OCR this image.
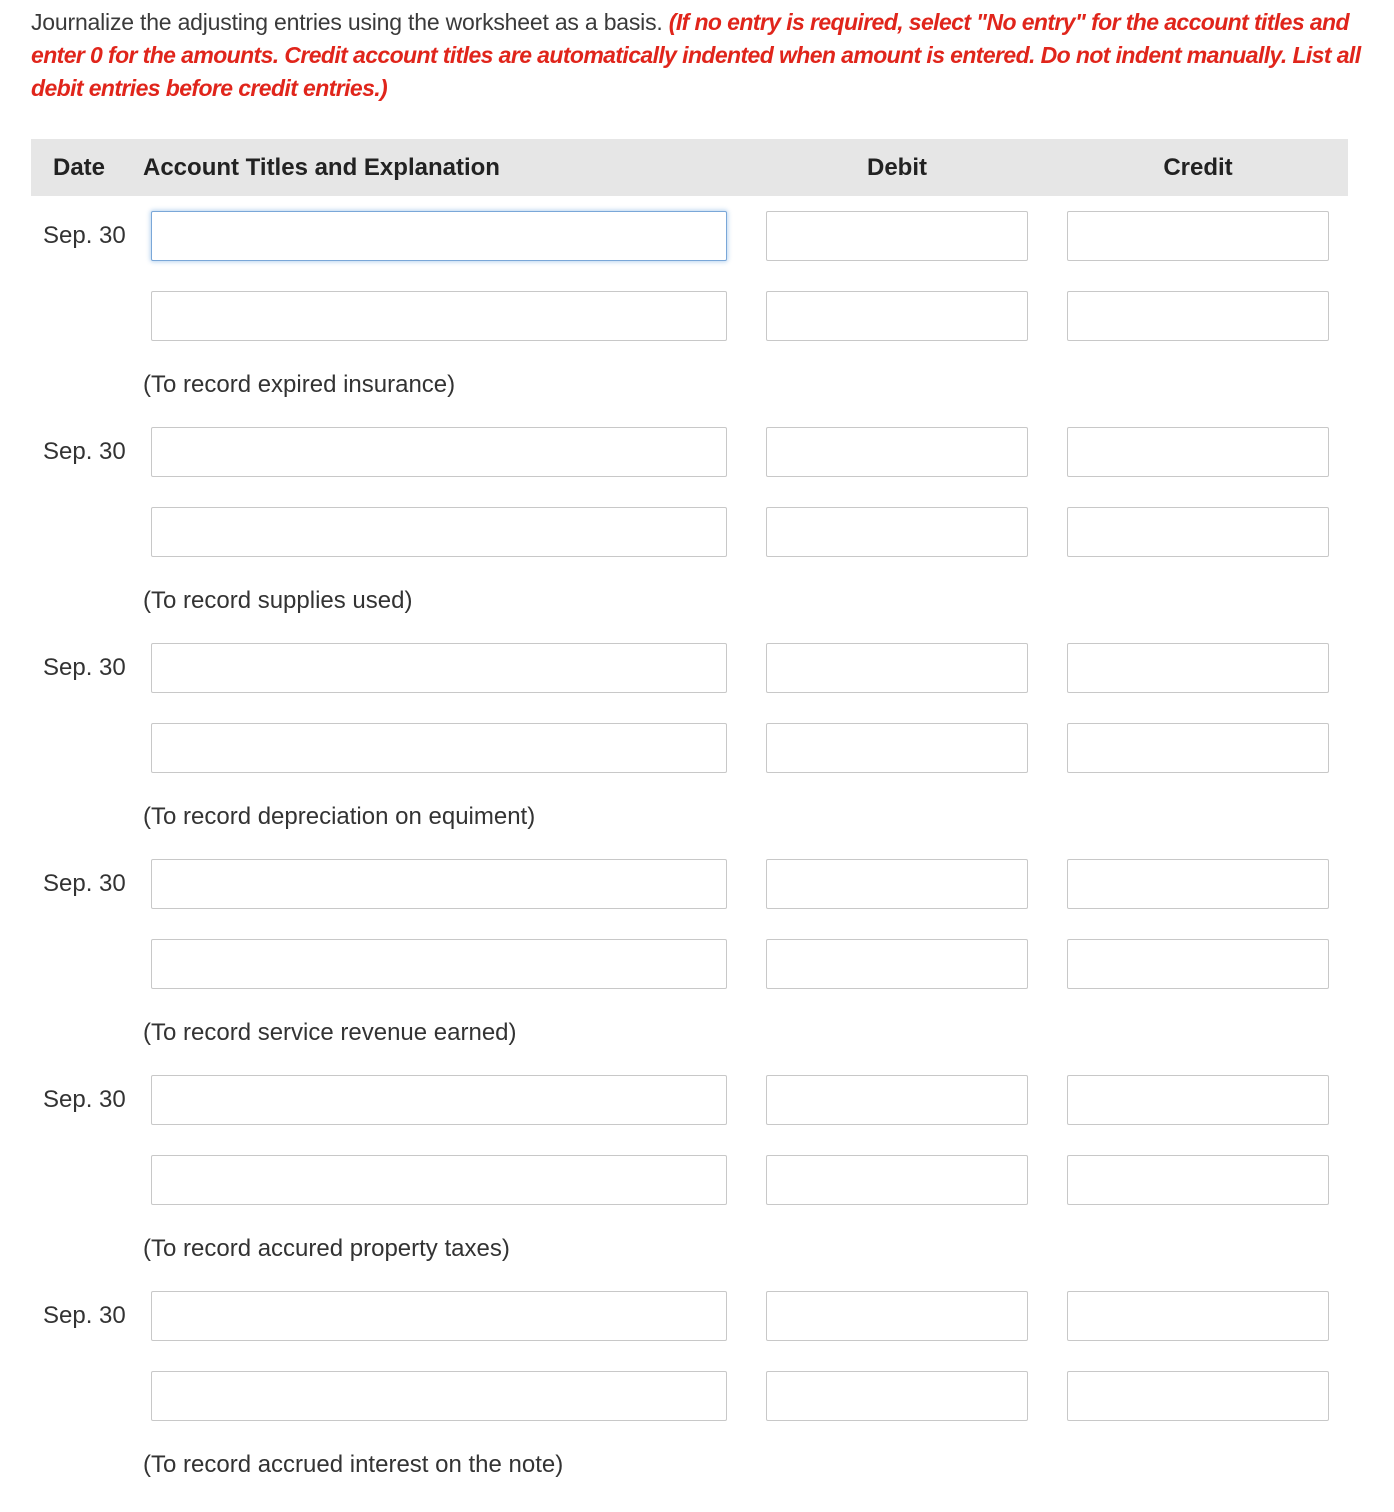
Journalize the adjusting entries using the worksheet as a basis. (If no entry is required, select "No entry" for the account titles and enter 0 for the amounts. Credit account titles are automatically indented when amount is entered. Do not indent manually. List all debit entries before credit entries.)
Date Account Titles and Explanation	Debit	Credit
Sep. 30
(To record expired insurance)
Sep. 30
(To record supplies used)
Sep. 30
(To record depreciation on equiment)
Sep. 30
(To record service revenue earned)
Sep. 30
(To record accured property taxes)
Sep. 30
(To record accrued interest on the note)
